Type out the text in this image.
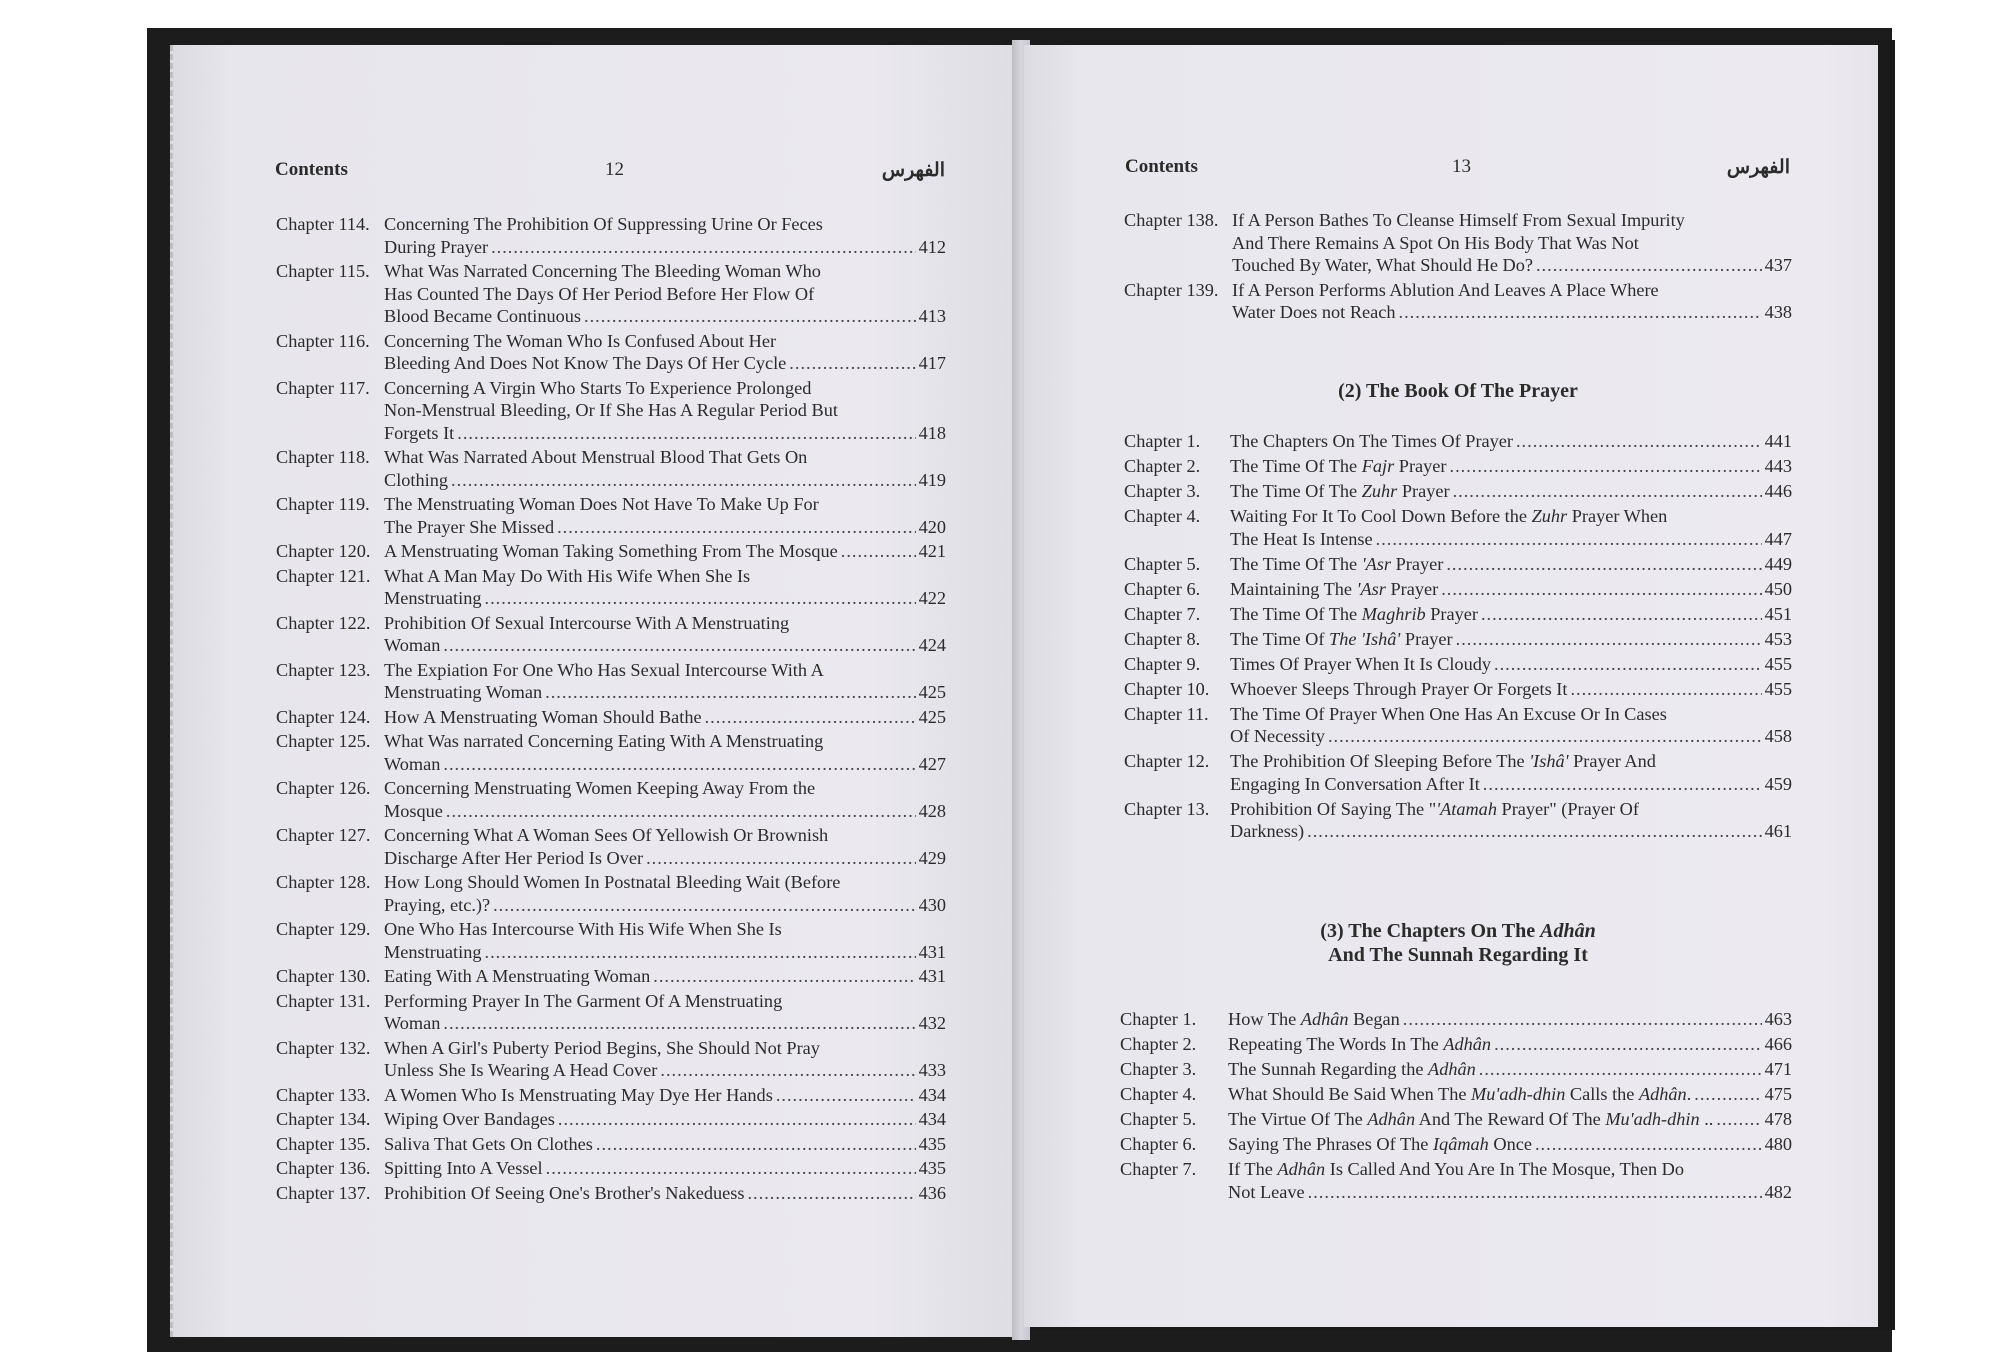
Contents	12	الفهرس
Chapter 114. Concerning The Prohibition Of Suppressing Urine Or Feces
During Prayer .....	412
Chapter 115. What Was Narrated Concerning The Bleeding Woman Who
Has Counted The Days Of Her Period Before Her Flow Of
Blood Became Continuous .....	413
Chapter 116. Concerning The Woman Who Is Confused About Her
Bleeding And Does Not Know The Days Of Her Cycle .....	417
Chapter 117. Concerning A Virgin Who Starts To Experience Prolonged
Non-Menstrual Bleeding, Or If She Has A Regular Period But
Forgets It .....	418
Chapter 118. What Was Narrated About Menstrual Blood That Gets On
Clothing .....	419
Chapter 119. The Menstruating Woman Does Not Have To Make Up For
The Prayer She Missed .....	420
Chapter 120. A Menstruating Woman Taking Something From The Mosque .....	421
Chapter 121. What A Man May Do With His Wife When She Is
Menstruating .....	422
Chapter 122. Prohibition Of Sexual Intercourse With A Menstruating
Woman .....	424
Chapter 123. The Expiation For One Who Has Sexual Intercourse With A
Menstruating Woman .....	425
Chapter 124. How A Menstruating Woman Should Bathe .....	425
Chapter 125. What Was narrated Concerning Eating With A Menstruating
Woman .....	427
Chapter 126. Concerning Menstruating Women Keeping Away From the
Mosque .....	428
Chapter 127. Concerning What A Woman Sees Of Yellowish Or Brownish
Discharge After Her Period Is Over .....	429
Chapter 128. How Long Should Women In Postnatal Bleeding Wait (Before
Praying, etc.)? .....	430
Chapter 129. One Who Has Intercourse With His Wife When She Is
Menstruating .....	431
Chapter 130. Eating With A Menstruating Woman .....	431
Chapter 131. Performing Prayer In The Garment Of A Menstruating
Woman .....	432
Chapter 132. When A Girl's Puberty Period Begins, She Should Not Pray
Unless She Is Wearing A Head Cover .....	433
Chapter 133. A Women Who Is Menstruating May Dye Her Hands .....	434
Chapter 134. Wiping Over Bandages .....	434
Chapter 135. Saliva That Gets On Clothes .....	435
Chapter 136. Spitting Into A Vessel .....	435
Chapter 137. Prohibition Of Seeing One's Brother's Nakeduess .....	436
Contents	13	الفهرس
Chapter 138. If A Person Bathes To Cleanse Himself From Sexual Impurity
And There Remains A Spot On His Body That Was Not
Touched By Water, What Should He Do? .....	437
Chapter 139. If A Person Performs Ablution And Leaves A Place Where
Water Does not Reach .....	438
(2) The Book Of The Prayer
Chapter 1. The Chapters On The Times Of Prayer .....	441
Chapter 2. The Time Of The Fajr Prayer .....	443
Chapter 3. The Time Of The Zuhr Prayer .....	446
Chapter 4. Waiting For It To Cool Down Before the Zuhr Prayer When
The Heat Is Intense .....	447
Chapter 5. The Time Of The 'Asr Prayer .....	449
Chapter 6. Maintaining The 'Asr Prayer .....	450
Chapter 7. The Time Of The Maghrib Prayer .....	451
Chapter 8. The Time Of The 'Ishâ' Prayer .....	453
Chapter 9. Times Of Prayer When It Is Cloudy .....	455
Chapter 10. Whoever Sleeps Through Prayer Or Forgets It .....	455
Chapter 11. The Time Of Prayer When One Has An Excuse Or In Cases
Of Necessity .....	458
Chapter 12. The Prohibition Of Sleeping Before The 'Ishâ' Prayer And
Engaging In Conversation After It .....	459
Chapter 13. Prohibition Of Saying The "'Atamah Prayer" (Prayer Of
Darkness) .....	461
(3) The Chapters On The Adhân
And The Sunnah Regarding It
Chapter 1. How The Adhân Began .....	463
Chapter 2. Repeating The Words In The Adhân .....	466
Chapter 3. The Sunnah Regarding the Adhân .....	471
Chapter 4. What Should Be Said When The Mu'adh-dhin Calls the Adhân. .....	475
Chapter 5. The Virtue Of The Adhân And The Reward Of The Mu'adh-dhin .. .....	478
Chapter 6. Saying The Phrases Of The Iqâmah Once .....	480
Chapter 7. If The Adhân Is Called And You Are In The Mosque, Then Do
Not Leave .....	482
